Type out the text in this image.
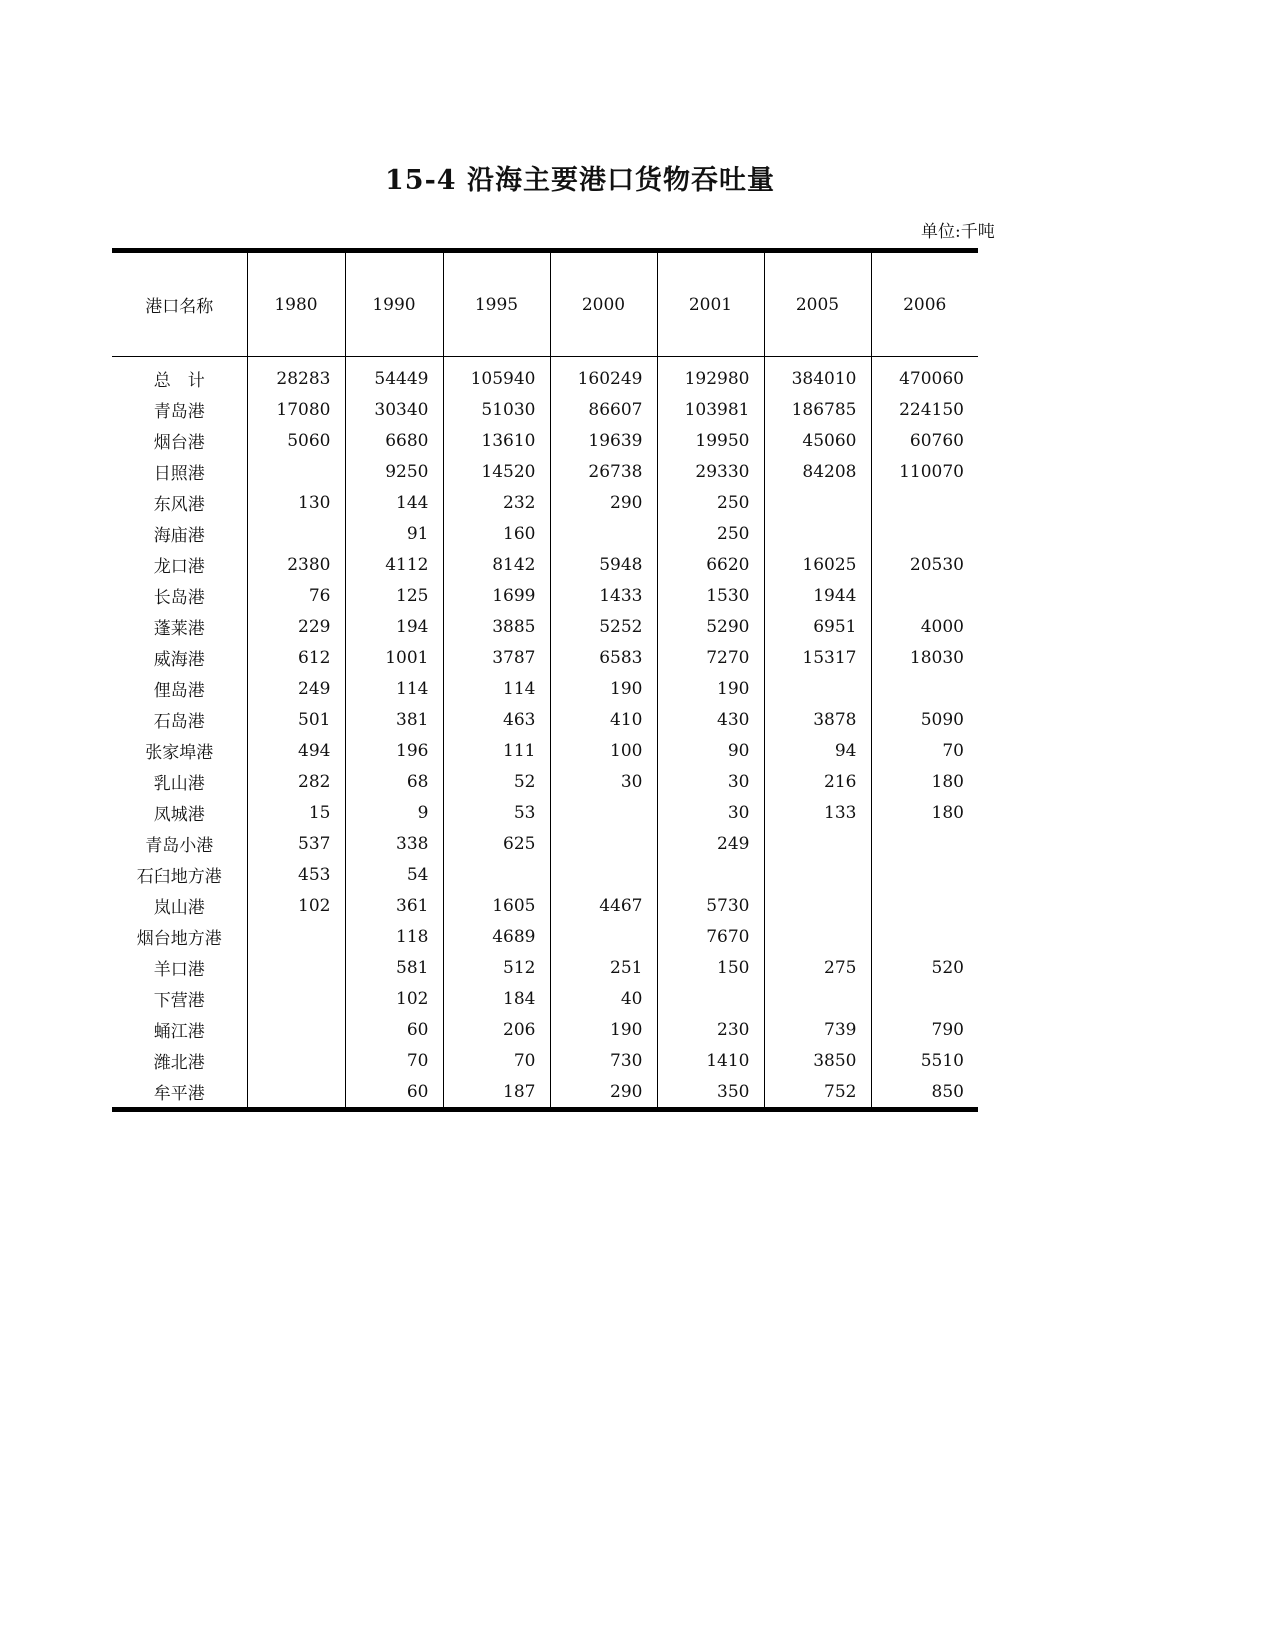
15-4 沿海主要港口货物吞吐量
单位:千吨
港口名称	1980	1990	1995	2000	2001	2005	2006
总　计	28283	54449	105940	160249	192980	384010	470060
青岛港	17080	30340	51030	86607	103981	186785	224150
烟台港	5060	6680	13610	19639	19950	45060	60760
日照港		9250	14520	26738	29330	84208	110070
东风港	130	144	232	290	250		
海庙港		91	160		250		
龙口港	2380	4112	8142	5948	6620	16025	20530
长岛港	76	125	1699	1433	1530	1944	
蓬莱港	229	194	3885	5252	5290	6951	4000
威海港	612	1001	3787	6583	7270	15317	18030
俚岛港	249	114	114	190	190		
石岛港	501	381	463	410	430	3878	5090
张家埠港	494	196	111	100	90	94	70
乳山港	282	68	52	30	30	216	180
凤城港	15	9	53		30	133	180
青岛小港	537	338	625		249		
石臼地方港	453	54					
岚山港	102	361	1605	4467	5730		
烟台地方港		118	4689		7670		
羊口港		581	512	251	150	275	520
下营港		102	184	40			
蛹江港		60	206	190	230	739	790
潍北港		70	70	730	1410	3850	5510
牟平港		60	187	290	350	752	850
